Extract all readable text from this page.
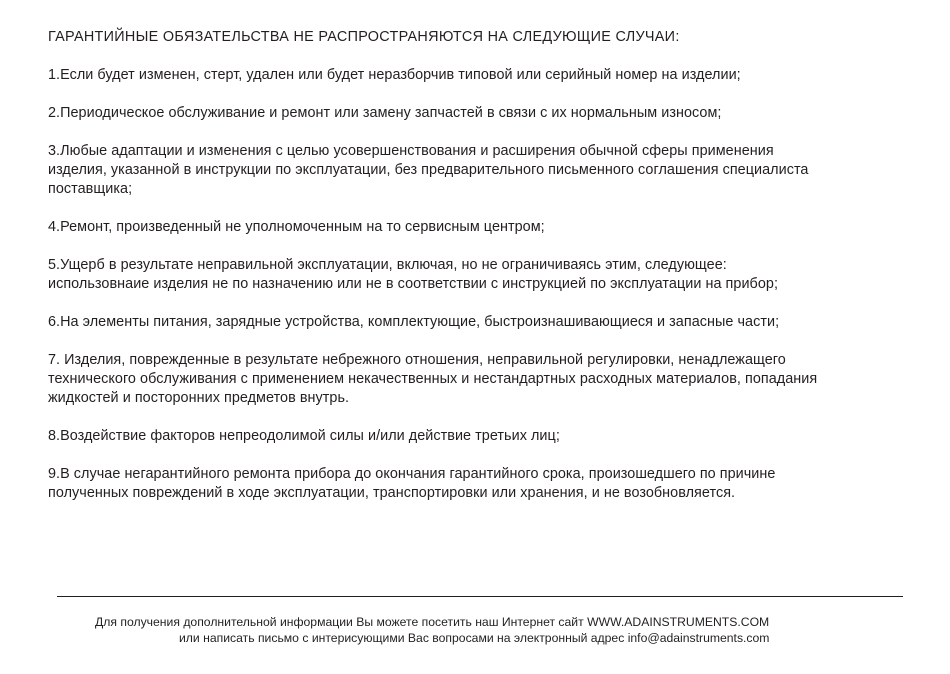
ГАРАНТИЙНЫЕ ОБЯЗАТЕЛЬСТВА НЕ РАСПРОСТРАНЯЮТСЯ НА СЛЕДУЮЩИЕ СЛУЧАИ:
1.Если будет изменен, стерт, удален или будет неразборчив типовой или серийный номер на изделии;
2.Периодическое обслуживание и ремонт или замену запчастей в связи с их нормальным износом;
3.Любые адаптации и изменения с целью усовершенствования и расширения обычной сферы применения
изделия, указанной в инструкции по эксплуатации, без предварительного письменного соглашения специалиста
поставщика;
4.Ремонт, произведенный не уполномоченным на то сервисным центром;
5.Ущерб в результате неправильной эксплуатации, включая, но не ограничиваясь этим, следующее:
использовнаие изделия не по назначению или не в соответствии с инструкцией по эксплуатации на прибор;
6.На элементы питания, зарядные устройства, комплектующие, быстроизнашивающиеся и запасные части;
7. Изделия, поврежденные в результате небрежного отношения, неправильной регулировки, ненадлежащего
технического обслуживания с применением некачественных и нестандартных расходных материалов, попадания
жидкостей и посторонних предметов внутрь.
8.Воздействие факторов непреодолимой силы и/или действие третьих лиц;
9.В случае негарантийного ремонта прибора до окончания гарантийного срока, произошедшего по причине
полученных повреждений в ходе эксплуатации, транспортировки или хранения, и не возобновляется.
Для получения дополнительной информации Вы можете посетить наш Интернет сайт WWW.ADAINSTRUMENTS.COM
или написать письмо с интерисующими Вас вопросами на электронный адрес info@adainstruments.com
